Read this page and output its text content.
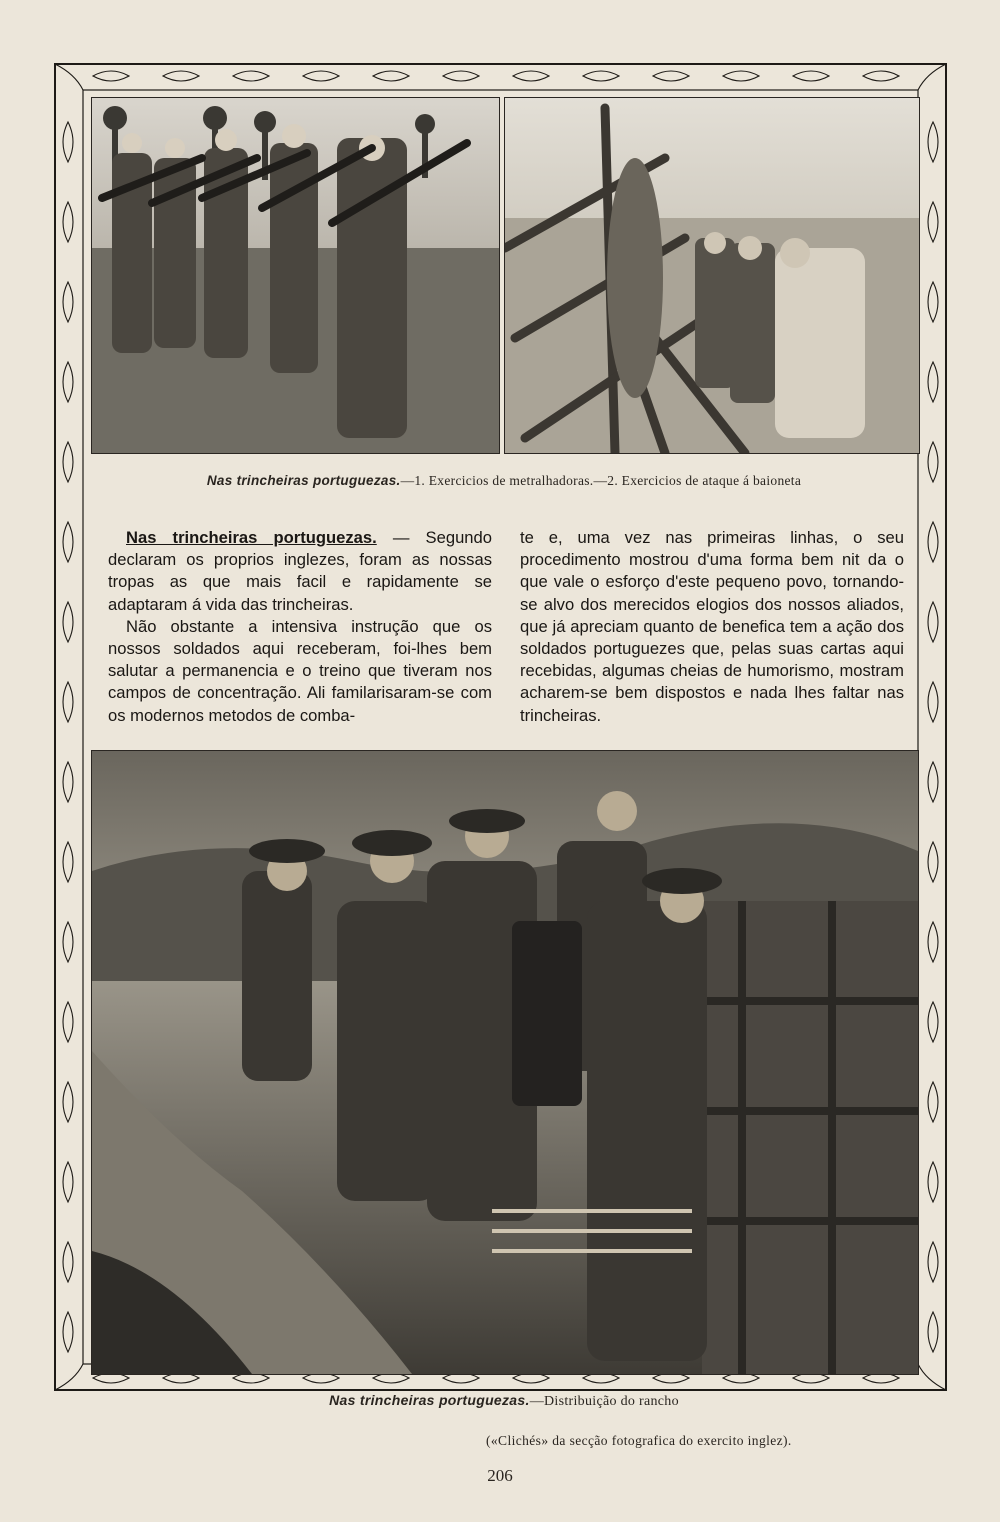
Nas trincheiras portuguezas.—1. Exercicios de metralhadoras.—2. Exercicios de ataque á baioneta

Nas trincheiras portuguezas. — Segundo declaram os proprios inglezes, foram as nossas tropas as que mais facil e rapidamente se adaptaram á vida das trincheiras.

Não obstante a intensiva instrução que os nossos soldados aqui receberam, foi-lhes bem salutar a permanencia e o treino que tiveram nos campos de concentração. Ali familarisaram-se com os modernos metodos de comba-

te e, uma vez nas primeiras linhas, o seu procedimento mostrou d'uma forma bem nit da o que vale o esforço d'este pequeno povo, tornando-se alvo dos merecidos elogios dos nossos aliados, que já apreciam quanto de benefica tem a ação dos soldados portuguezes que, pelas suas cartas aqui recebidas, algumas cheias de humorismo, mostram acharem-se bem dispostos e nada lhes faltar nas trincheiras.

Nas trincheiras portuguezas.—Distribuição do rancho
(«Clichés» da secção fotografica do exercito inglez).
206
